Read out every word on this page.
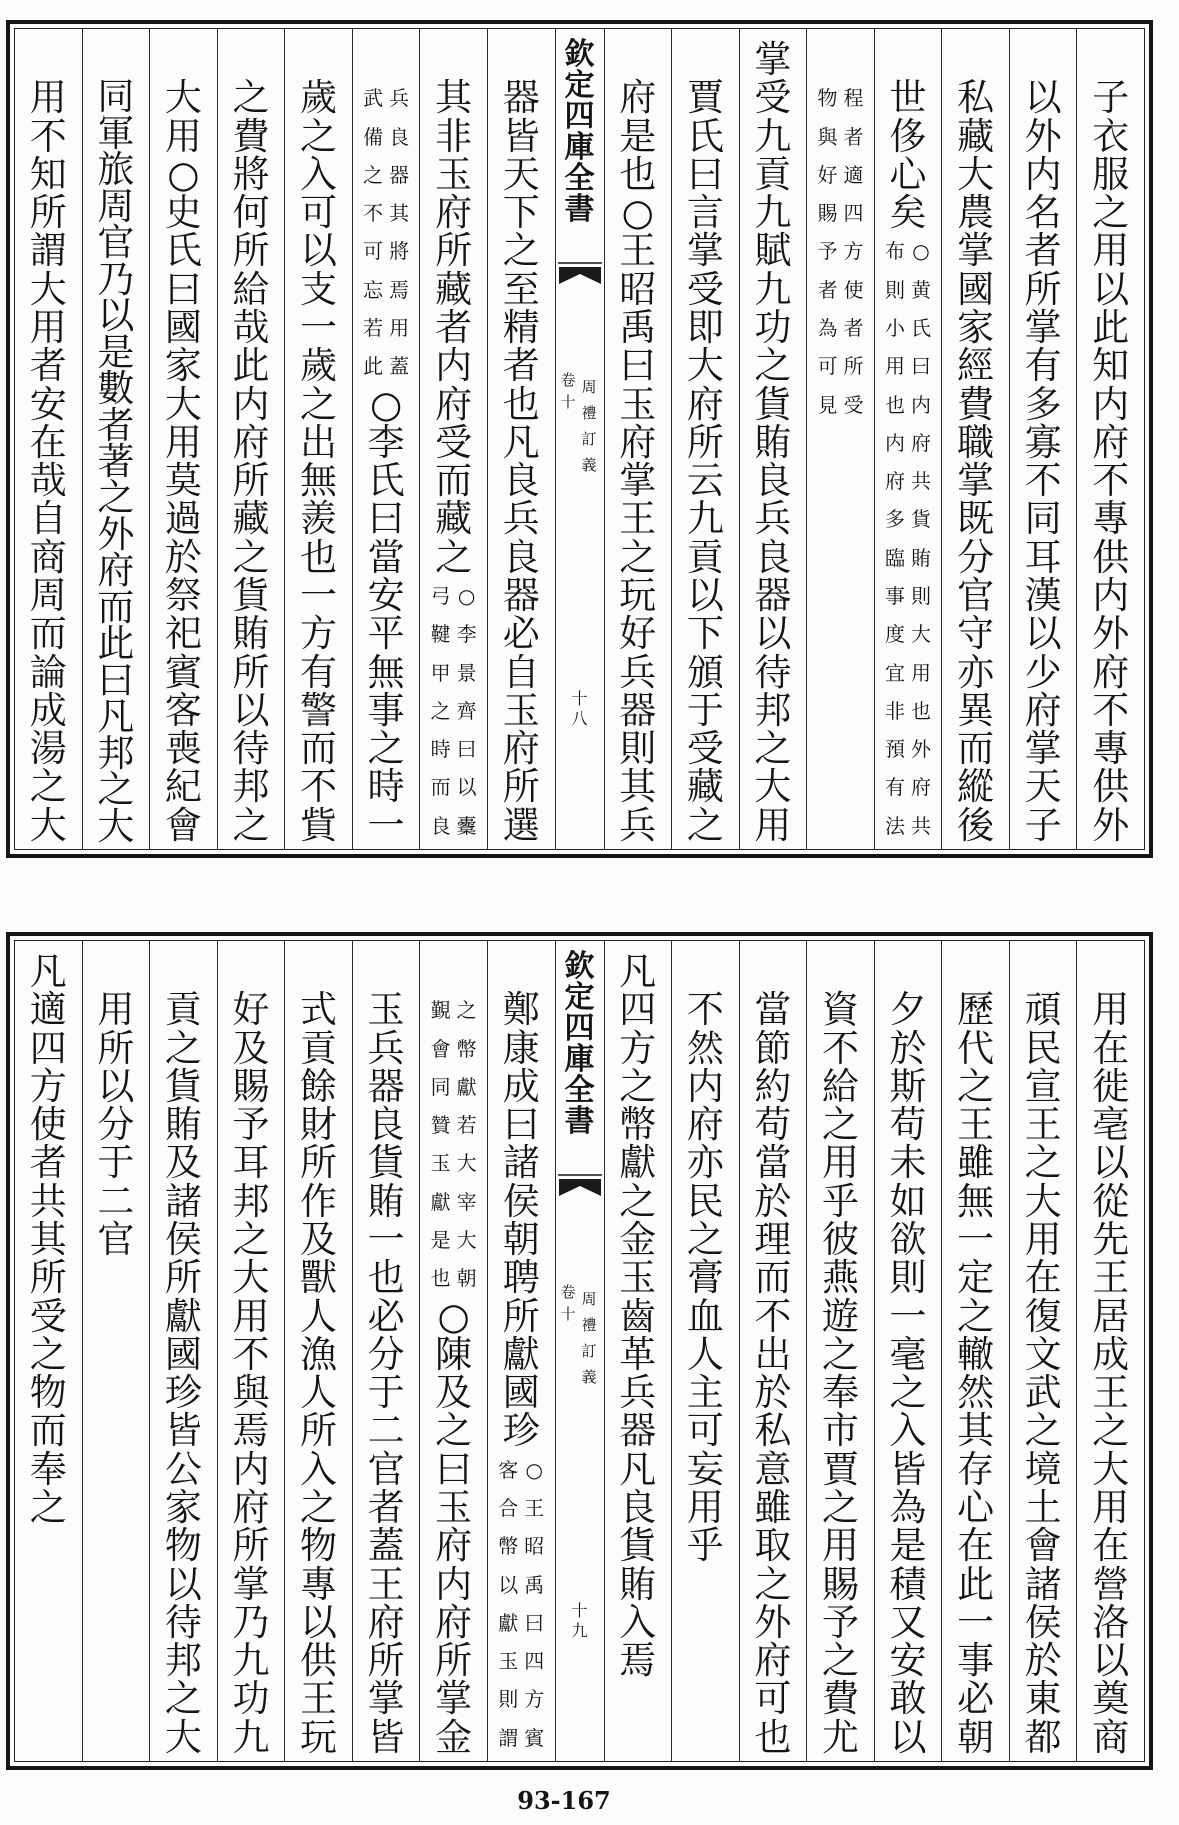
子衣服之用以此知内府不專供内外府不專供外
以外内名者所掌有多寡不同耳漢以少府掌天子
私藏大農掌國家經費職掌既分官守亦異而縱後
世侈心矣
○黄氏曰内府共貨賄則大用也外府共
布則小用也内府多臨事度宜非預有法
程者適四方使者所受
物與好賜予者為可見
掌受九貢九賦九功之貨賄良兵良器以待邦之大用
賈氏曰言掌受即大府所云九貢以下頒于受藏之
府是也○王昭禹曰玉府掌王之玩好兵器則其兵
欽定四庫全書
周禮訂義
卷十
十八
器皆天下之至精者也凡良兵良器必自玉府所選
其非玉府所藏者内府受而藏之
○李景齊曰以櫜
弓鞬甲之時而良
兵良器其將焉用蓋
武備之不可忘若此
○李氏曰當安平無事之時一
歲之入可以支一歲之出無羨也一方有警而不貲
之費將何所給哉此内府所藏之貨賄所以待邦之
大用○史氏曰國家大用莫過於祭祀賓客喪紀會
同軍旅周官乃以是數者著之外府而此曰凡邦之大
用不知所謂大用者安在哉自商周而論成湯之大
用在徙亳以從先王居成王之大用在營洛以奠商
頑民宣王之大用在復文武之境土會諸侯於東都
歷代之王雖無一定之轍然其存心在此一事必朝
夕於斯苟未如欲則一毫之入皆為是積又安敢以
資不給之用乎彼燕遊之奉市賈之用賜予之費尤
當節約苟當於理而不出於私意雖取之外府可也
不然内府亦民之膏血人主可妄用乎
凡四方之幣獻之金玉齒革兵器凡良貨賄入焉
欽定四庫全書
周禮訂義
卷十
十九
鄭康成曰諸侯朝聘所獻國珍
○王昭禹曰四方賓
客合幣以獻玉則謂
之幣獻若大宰大朝
覲會同贊玉獻是也
○陳及之曰玉府内府所掌金
玉兵器良貨賄一也必分于二官者蓋王府所掌皆
式貢餘財所作及獸人漁人所入之物專以供王玩
好及賜予耳邦之大用不與焉内府所掌乃九功九
貢之貨賄及諸侯所獻國珍皆公家物以待邦之大
用所以分于二官
凡適四方使者共其所受之物而奉之
93-167
